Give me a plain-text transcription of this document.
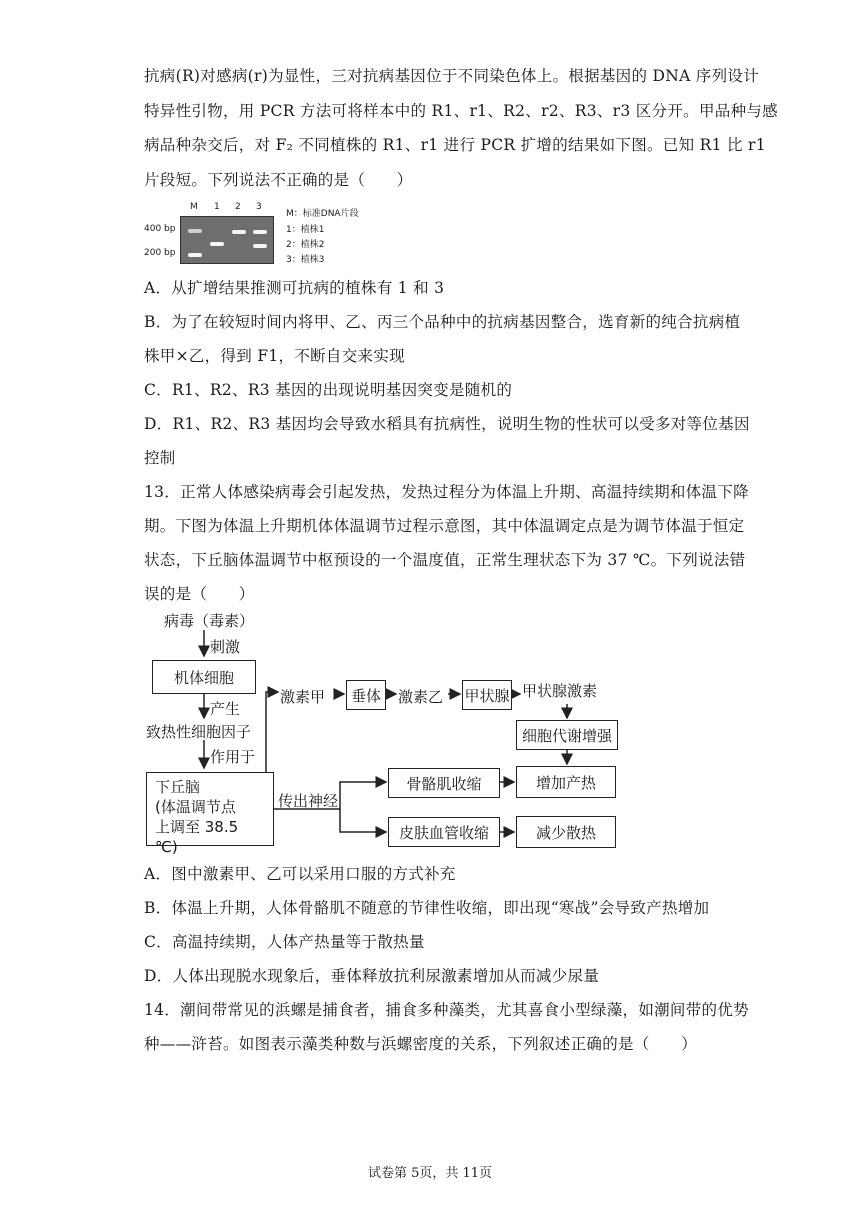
抗病(R)对感病(r)为显性，三对抗病基因位于不同染色体上。根据基因的 DNA 序列设计
特异性引物，用 PCR 方法可将样本中的 R1、r1、R2、r2、R3、r3 区分开。甲品种与感
病品种杂交后，对 F₂ 不同植株的 R1、r1 进行 PCR 扩增的结果如下图。已知 R1 比 r1
片段短。下列说法不正确的是（　　）
M 1 2 3
400 bp
200 bp
M：标准DNA片段
1：植株1
2：植株2
3：植株3
A．从扩增结果推测可抗病的植株有 1 和 3
B．为了在较短时间内将甲、乙、丙三个品种中的抗病基因整合，选育新的纯合抗病植
株甲×乙，得到 F1，不断自交来实现
C．R1、R2、R3 基因的出现说明基因突变是随机的
D．R1、R2、R3 基因均会导致水稻具有抗病性，说明生物的性状可以受多对等位基因
控制
13．正常人体感染病毒会引起发热，发热过程分为体温上升期、高温持续期和体温下降
期。下图为体温上升期机体体温调节过程示意图，其中体温调定点是为调节体温于恒定
状态，下丘脑体温调节中枢预设的一个温度值，正常生理状态下为 37 ℃。下列说法错
误的是（　　）
病毒（毒素）
刺激
机体细胞
产生
致热性细胞因子
作用于
下丘脑
(体温调节点
上调至 38.5 ℃)
激素甲	垂体	激素乙 甲状腺 甲状腺激素
细胞代谢增强
传出神经
骨骼肌收缩	增加产热
皮肤血管收缩	减少散热
A．图中激素甲、乙可以采用口服的方式补充
B．体温上升期，人体骨骼肌不随意的节律性收缩，即出现“寒战”会导致产热增加
C．高温持续期，人体产热量等于散热量
D．人体出现脱水现象后，垂体释放抗利尿激素增加从而减少尿量
14．潮间带常见的浜螺是捕食者，捕食多种藻类，尤其喜食小型绿藻，如潮间带的优势
种——浒苔。如图表示藻类种数与浜螺密度的关系，下列叙述正确的是（　　）
试卷第 5页，共 11页
